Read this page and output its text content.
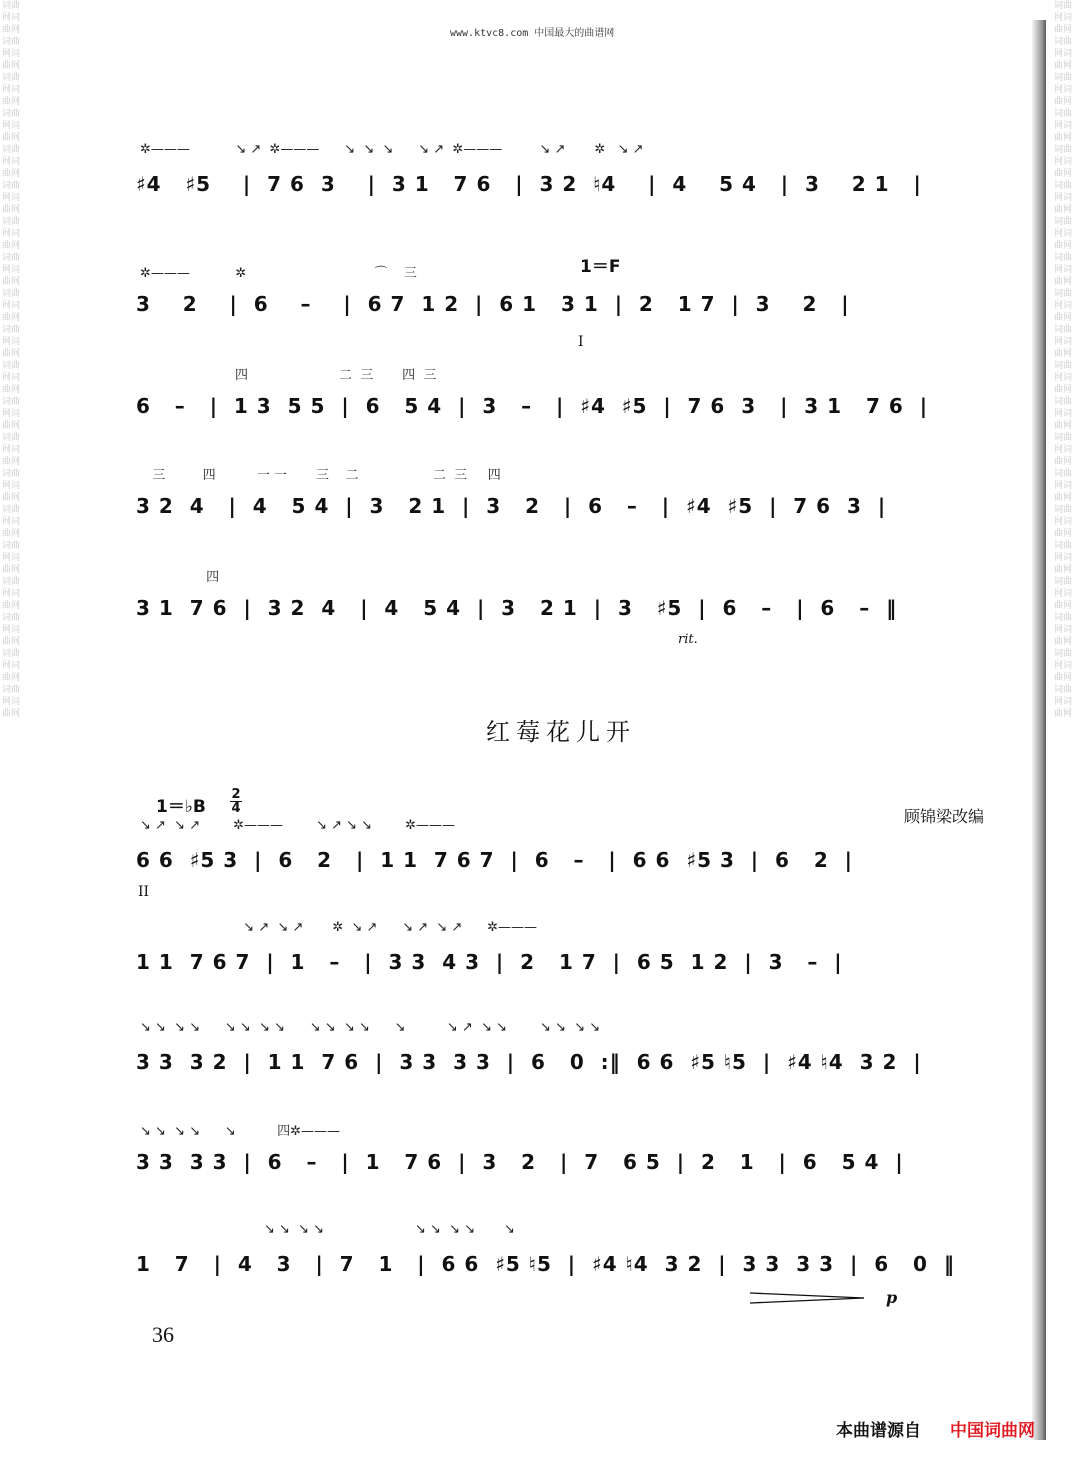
词曲网词曲网词曲网词曲网词曲网词曲网词曲网词曲网词曲网词曲网词曲网词曲网词曲网词曲网词曲网词曲网词曲网词曲网词曲网词曲网词曲网词曲网词曲网词曲网词曲网词曲网词曲网词曲网词曲网词曲网词曲网词曲网词曲网词曲网词曲网词曲网词曲网词曲网词曲网词曲网
词曲网词曲网词曲网词曲网词曲网词曲网词曲网词曲网词曲网词曲网词曲网词曲网词曲网词曲网词曲网词曲网词曲网词曲网词曲网词曲网词曲网词曲网词曲网词曲网词曲网词曲网词曲网词曲网词曲网词曲网词曲网词曲网词曲网词曲网词曲网词曲网词曲网词曲网词曲网词曲网
www.ktvc8.com 中国最大的曲谱网
✲———           ↘ ↗  ✲———      ↘  ↘  ↘      ↘ ↗  ✲———         ↘ ↗       ✲   ↘ ↗
♯4   ♯5    |  7 6  3    |  3 1   7 6   |  3 2  ♮4    |  4    5 4   |  3    2 1   |
1＝F
✲———           ✲                               ⌒    三
3    2    |  6    –    |  6 7  1 2  |  6 1   3 1  |  2   1 7  |  3    2   |
I
四                      二  三       四  三
6   –   |  1 3  5 5  |  6   5 4  |  3   –   |  ♯4  ♯5  |  7 6  3   |  3 1   7 6  |
三         四          一 一       三    二                  二  三     四
3 2  4   |  4   5 4  |  3   2 1  |  3   2   |  6   –   |  ♯4  ♯5  |  7 6  3  |
四
3 1  7 6  |  3 2  4   |  4   5 4  |  3   2 1  |  3   ♯5  |  6   –   |  6   –  ‖
rit.
红莓花儿开
1＝♭B
2
4	顾锦梁改编
↘ ↗  ↘ ↗        ✲———        ↘ ↗ ↘ ↘        ✲———
6 6  ♯5 3  |  6   2   |  1 1  7 6 7  |  6   –   |  6 6  ♯5 3  |  6   2  |
II
↘ ↗  ↘ ↗       ✲  ↘ ↗      ↘ ↗  ↘ ↗      ✲———
1 1  7 6 7  |  1   –   |  3 3  4 3  |  2   1 7  |  6 5  1 2  |  3   –  |
↘ ↘  ↘ ↘      ↘ ↘  ↘ ↘      ↘ ↘  ↘ ↘      ↘          ↘ ↗  ↘ ↘        ↘ ↘  ↘ ↘
3 3  3 2  |  1 1  7 6  |  3 3  3 3  |  6   0  :‖  6 6  ♯5 ♮5  |  ♯4 ♮4  3 2  |
↘ ↘  ↘ ↘      ↘          四✲———
3 3  3 3  |  6   –   |  1   7 6  |  3   2   |  7   6 5  |  2   1   |  6   5 4  |
↘ ↘  ↘ ↘                      ↘ ↘  ↘ ↘       ↘
1   7   |  4   3   |  7   1   |  6 6  ♯5 ♮5  |  ♯4 ♮4  3 2  |  3 3  3 3  |  6   0  ‖
p
36
本曲谱源自 中国词曲网
